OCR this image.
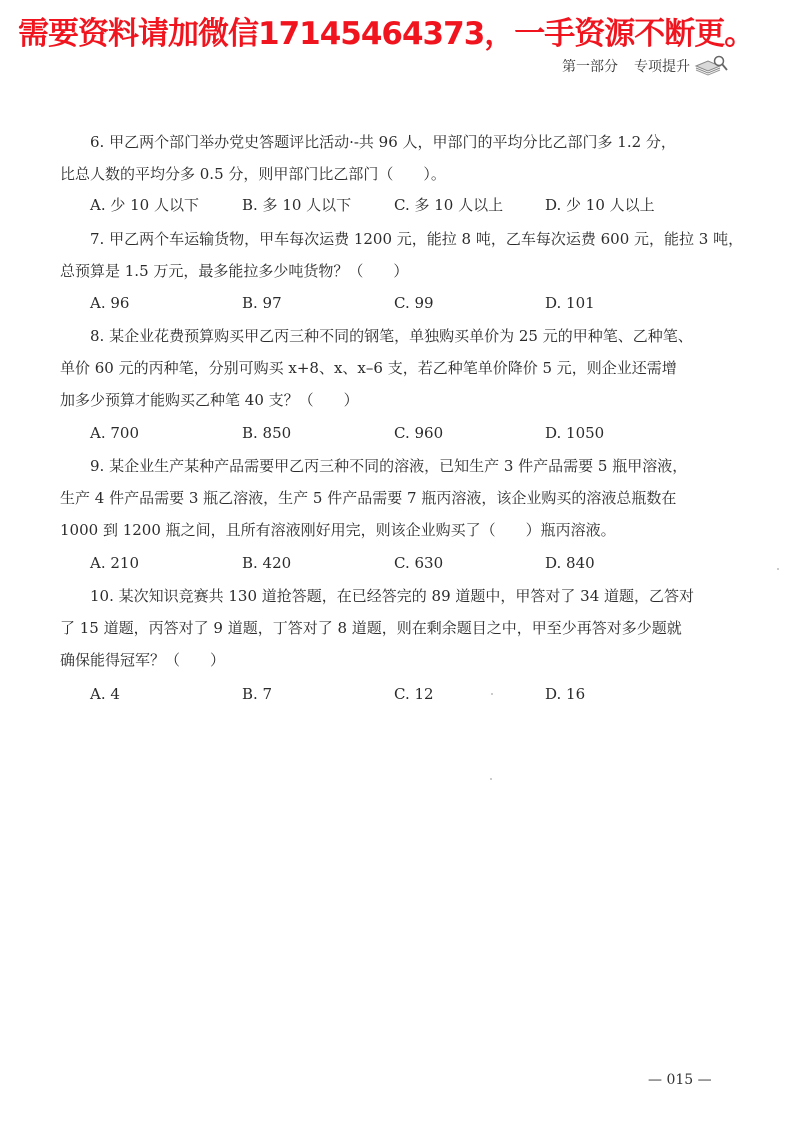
需要资料请加微信17145464373，一手资源不断更。
第一部分 专项提升
6. 甲乙两个部门举办党史答题评比活动·-共 96 人，甲部门的平均分比乙部门多 1.2 分，
比总人数的平均分多 0.5 分，则甲部门比乙部门（　　）。
A. 少 10 人以下	B. 多 10 人以下	C. 多 10 人以上	D. 少 10 人以上
7. 甲乙两个车运输货物，甲车每次运费 1200 元，能拉 8 吨，乙车每次运费 600 元，能拉 3 吨，
总预算是 1.5 万元，最多能拉多少吨货物？（　　）
A. 96	B. 97	C. 99	D. 101
8. 某企业花费预算购买甲乙丙三种不同的钢笔，单独购买单价为 25 元的甲种笔、乙种笔、
单价 60 元的丙种笔，分别可购买 x+8、x、x–6 支，若乙种笔单价降价 5 元，则企业还需增
加多少预算才能购买乙种笔 40 支？（　　）
A. 700	B. 850	C. 960	D. 1050
9. 某企业生产某种产品需要甲乙丙三种不同的溶液，已知生产 3 件产品需要 5 瓶甲溶液，
生产 4 件产品需要 3 瓶乙溶液，生产 5 件产品需要 7 瓶丙溶液，该企业购买的溶液总瓶数在
1000 到 1200 瓶之间，且所有溶液刚好用完，则该企业购买了（　　）瓶丙溶液。
A. 210	B. 420	C. 630	D. 840
10. 某次知识竞赛共 130 道抢答题，在已经答完的 89 道题中，甲答对了 34 道题，乙答对
了 15 道题，丙答对了 9 道题，丁答对了 8 道题，则在剩余题目之中，甲至少再答对多少题就
确保能得冠军？（　　）
A. 4	B. 7	C. 12	D. 16
— 015 —
